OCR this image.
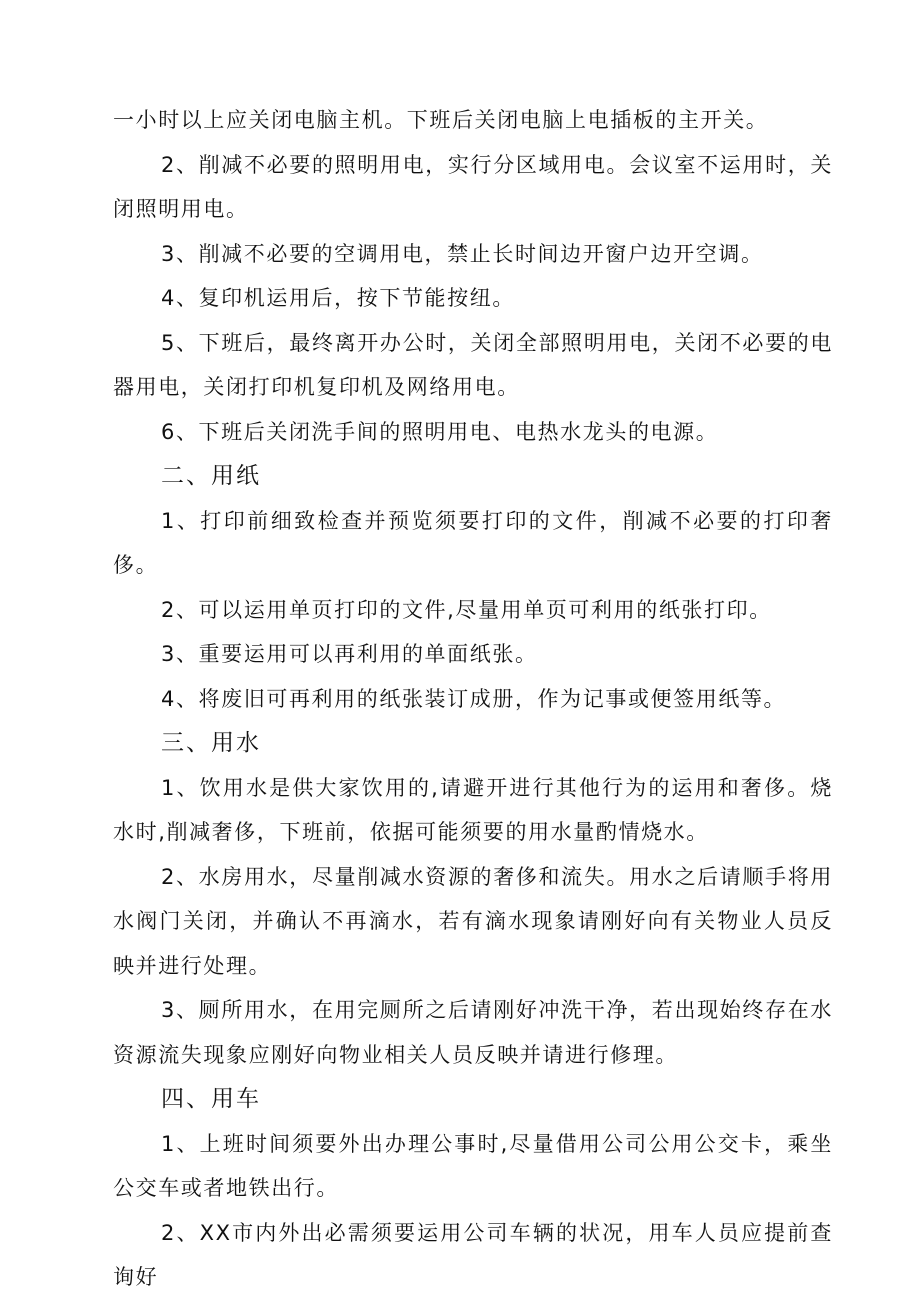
一小时以上应关闭电脑主机。下班后关闭电脑上电插板的主开关。

2、削减不必要的照明用电，实行分区域用电。会议室不运用时，关闭照明用电。

3、削减不必要的空调用电，禁止长时间边开窗户边开空调。

4、复印机运用后，按下节能按纽。

5、下班后，最终离开办公时，关闭全部照明用电，关闭不必要的电器用电，关闭打印机复印机及网络用电。

6、下班后关闭洗手间的照明用电、电热水龙头的电源。

二、用纸

1、打印前细致检查并预览须要打印的文件，削减不必要的打印奢侈。

2、可以运用单页打印的文件,尽量用单页可利用的纸张打印。

3、重要运用可以再利用的单面纸张。

4、将废旧可再利用的纸张装订成册，作为记事或便签用纸等。

三、用水

1、饮用水是供大家饮用的,请避开进行其他行为的运用和奢侈。烧水时,削减奢侈，下班前，依据可能须要的用水量酌情烧水。

2、水房用水，尽量削减水资源的奢侈和流失。用水之后请顺手将用水阀门关闭，并确认不再滴水，若有滴水现象请刚好向有关物业人员反映并进行处理。

3、厕所用水，在用完厕所之后请刚好冲洗干净，若出现始终存在水资源流失现象应刚好向物业相关人员反映并请进行修理。

四、用车

1、上班时间须要外出办理公事时,尽量借用公司公用公交卡，乘坐公交车或者地铁出行。

2、XX市内外出必需须要运用公司车辆的状况，用车人员应提前查询好
